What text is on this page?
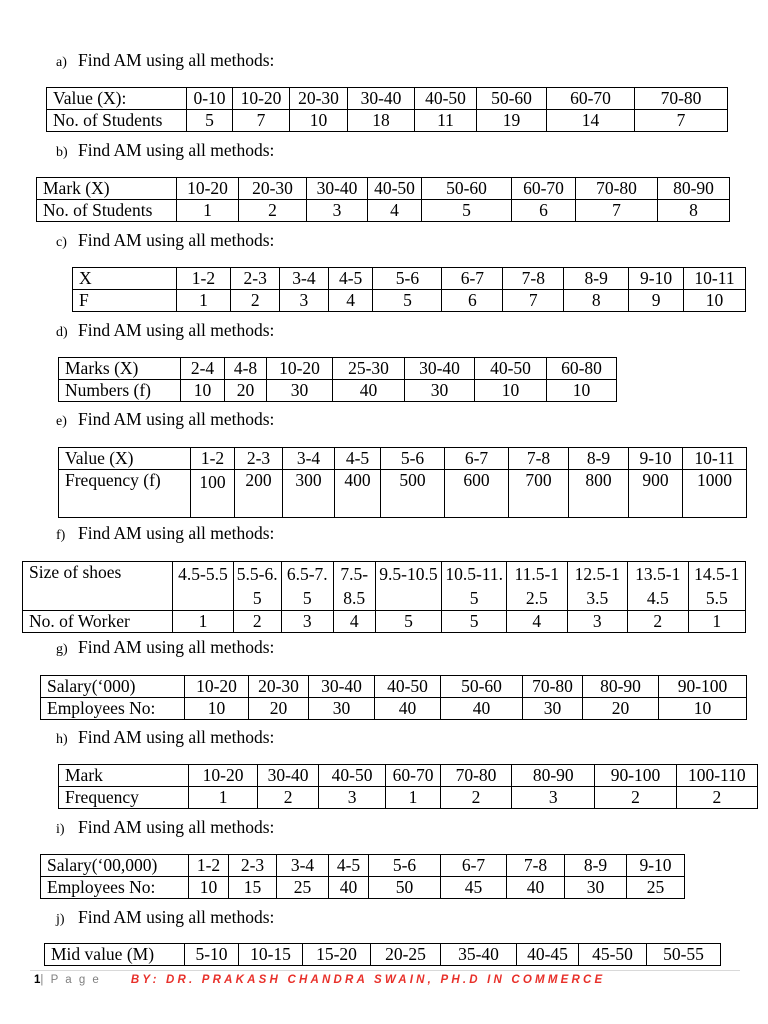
a) Find AM using all methods:
b) Find AM using all methods:
c) Find AM using all methods:
d) Find AM using all methods:
e) Find AM using all methods:
f) Find AM using all methods:
g) Find AM using all methods:
h) Find AM using all methods:
i) Find AM using all methods:
j) Find AM using all methods:
Value (X):	0-10	10-20	20-30	30-40	40-50	50-60	60-70	70-80
No. of Students	5	7	10	18	11	19	14	7
Mark (X)	10-20	20-30	30-40	40-50	50-60	60-70	70-80	80-90
No. of Students	1	2	3	4	5	6	7	8
X	1-2	2-3	3-4	4-5	5-6	6-7	7-8	8-9	9-10	10-11
F	1	2	3	4	5	6	7	8	9	10
Marks (X)	2-4	4-8	10-20	25-30	30-40	40-50	60-80
Numbers (f)	10	20	30	40	30	10	10
Value (X)	1-2	2-3	3-4	4-5	5-6	6-7	7-8	8-9	9-10	10-11
Frequency (f)	100	200	300	400	500	600	700	800	900	1000
Size of shoes	4.5-5.5	5.5-6.5	6.5-7.5	7.5-8.5	9.5-10.5	10.5-11.5	11.5-12.5	12.5-13.5	13.5-14.5	14.5-15.5
No. of Worker	1	2	3	4	5	5	4	3	2	1
Salary(‘000)	10-20	20-30	30-40	40-50	50-60	70-80	80-90	90-100
Employees No:	10	20	30	40	40	30	20	10
Mark	10-20	30-40	40-50	60-70	70-80	80-90	90-100	100-110
Frequency	1	2	3	1	2	3	2	2
Salary(‘00,000)	1-2	2-3	3-4	4-5	5-6	6-7	7-8	8-9	9-10
Employees No:	10	15	25	40	50	45	40	30	25
Mid value (M)	5-10	10-15	15-20	20-25	35-40	40-45	45-50	50-55
1| P a g e	BY: DR. PRAKASH CHANDRA SWAIN, PH.D IN COMMERCE
